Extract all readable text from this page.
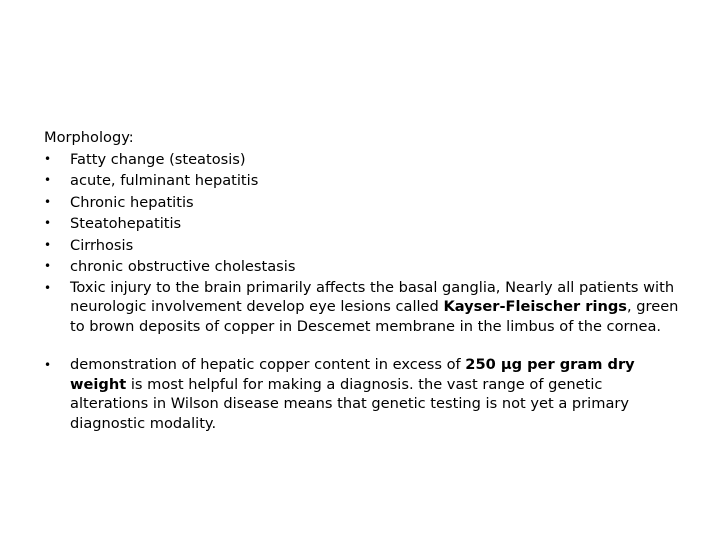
Morphology:

•	Fatty change (steatosis)
•	acute, fulminant hepatitis
•	Chronic hepatitis
•	Steatohepatitis
•	Cirrhosis
•	chronic obstructive cholestasis
•	Toxic injury to the brain primarily affects the basal ganglia, Nearly all patients with neurologic involvement develop eye lesions called Kayser-Fleischer rings, green to brown deposits of copper in Descemet membrane in the limbus of the cornea.
•	demonstration of hepatic copper content in excess of 250 µg per gram dry weight is most helpful for making a diagnosis. the vast range of genetic alterations in Wilson disease means that genetic testing is not yet a primary diagnostic modality.
